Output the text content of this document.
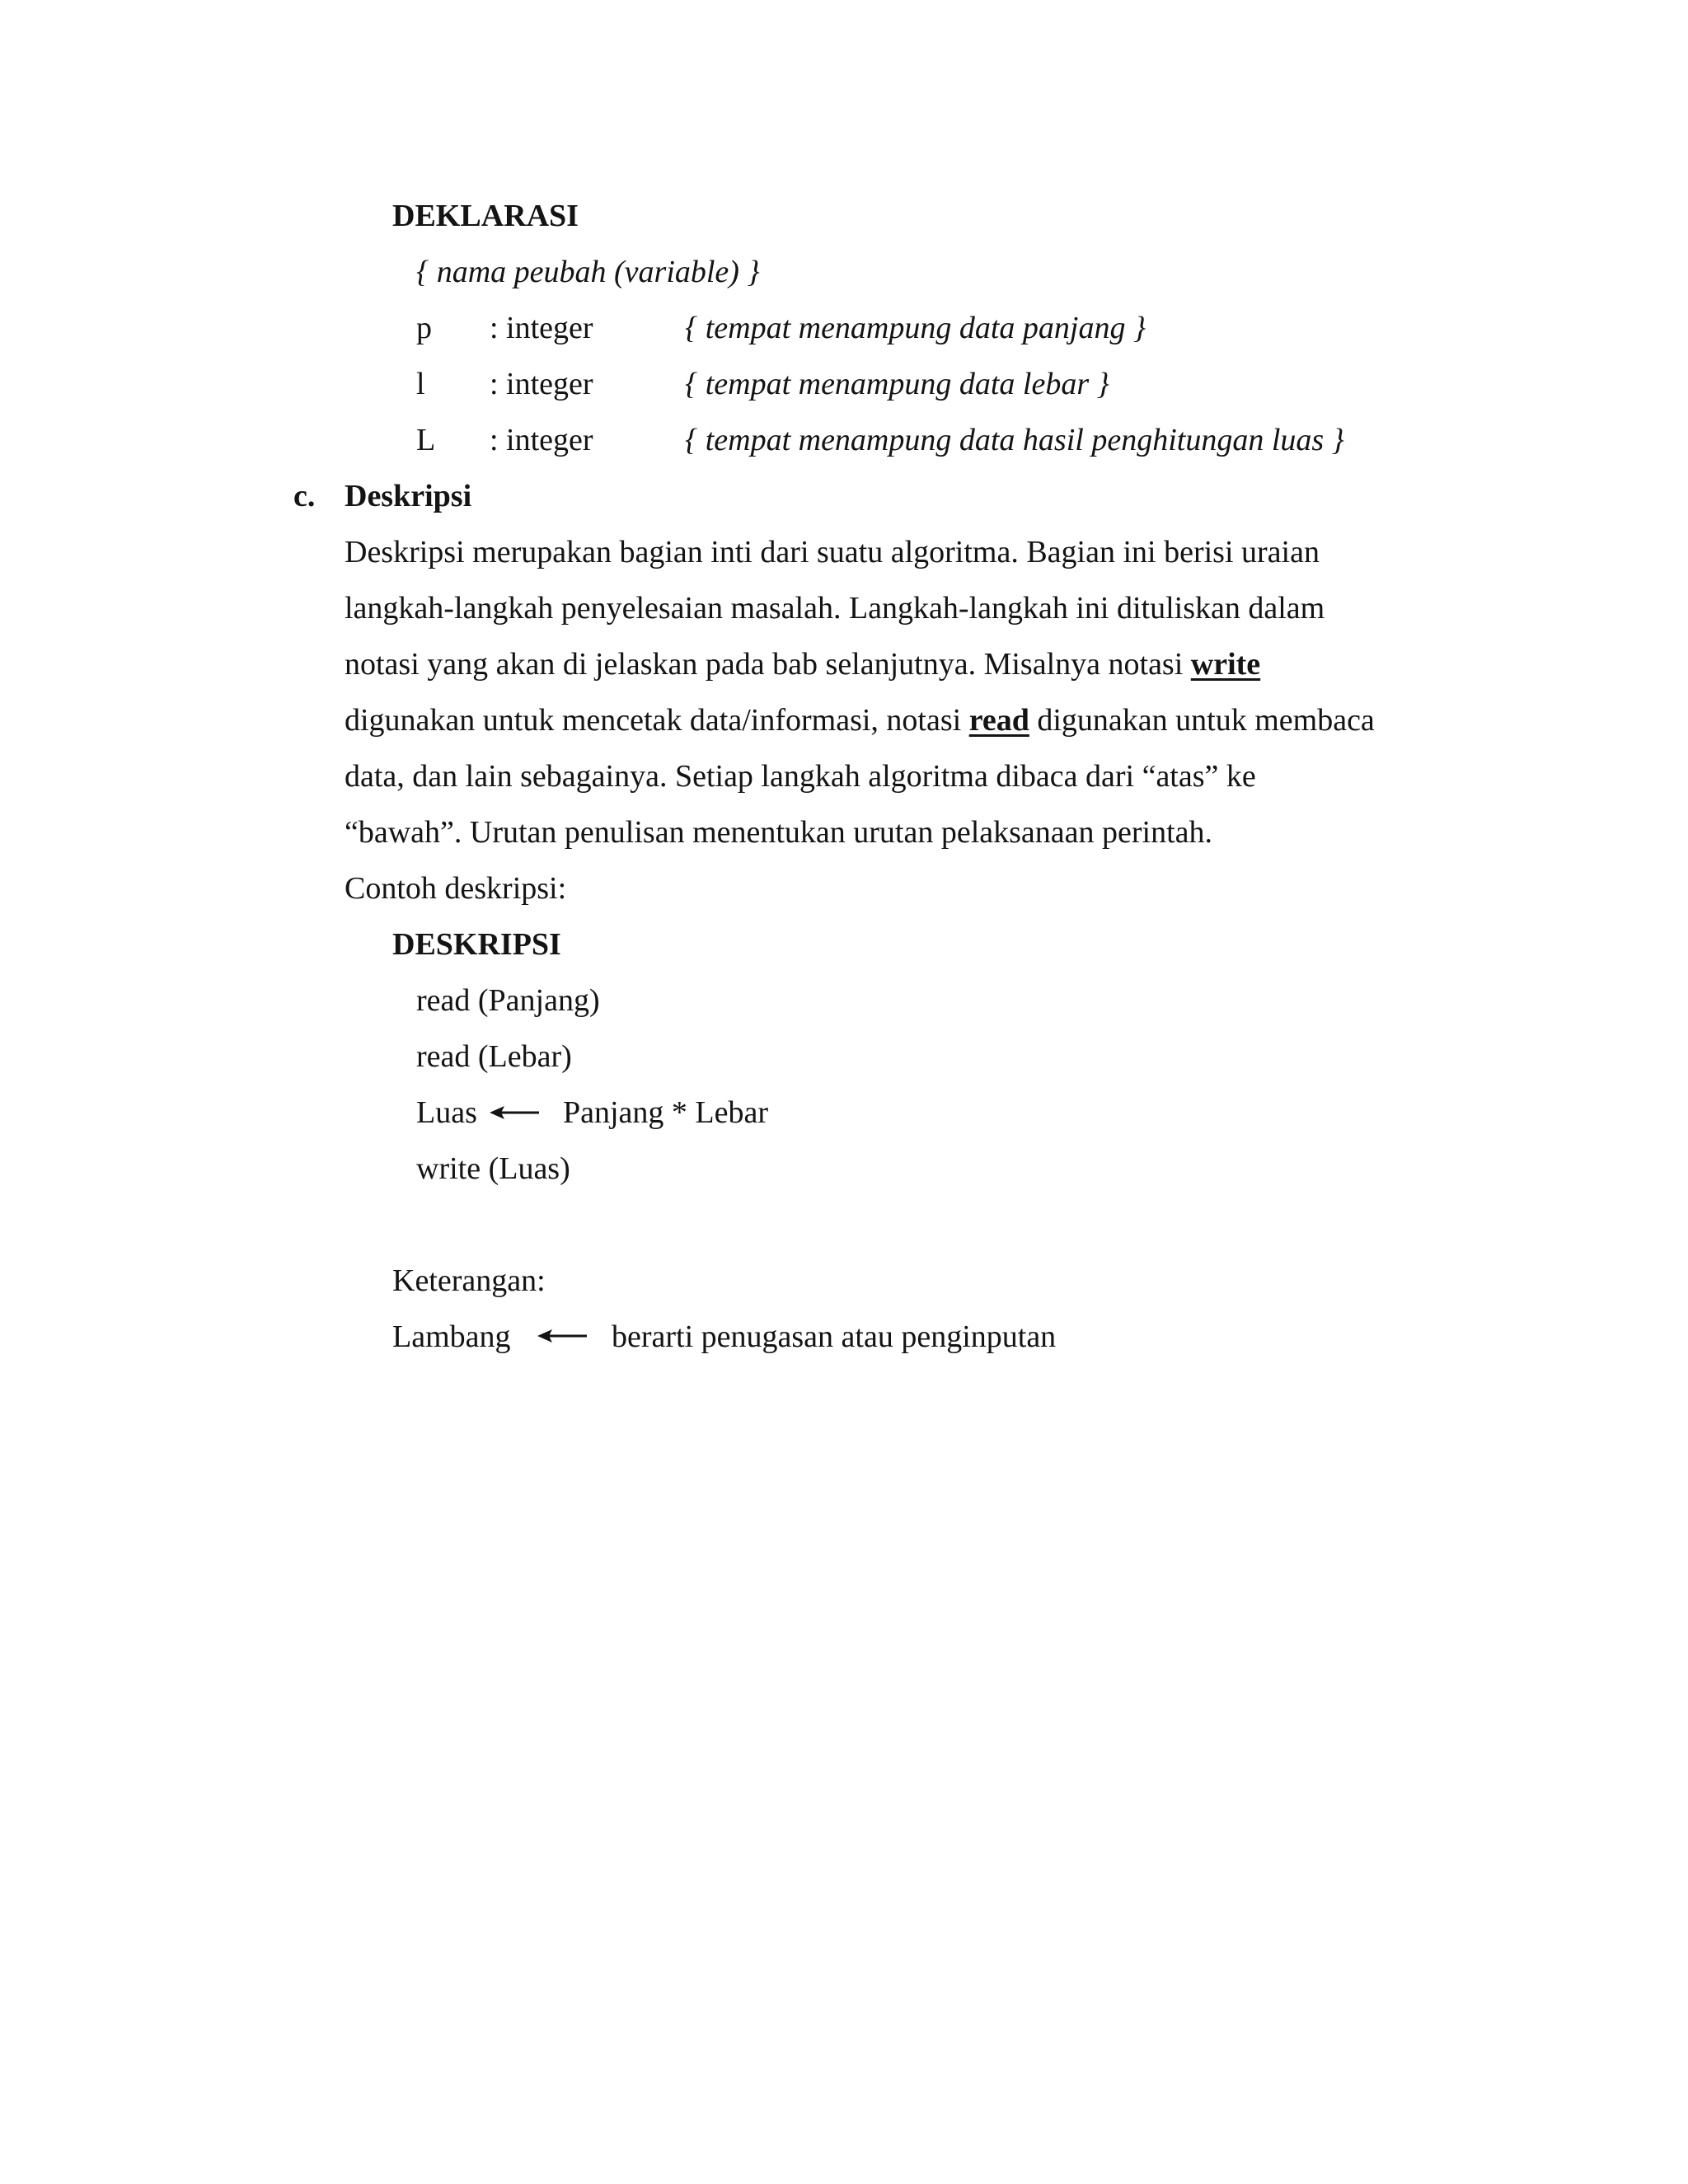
DEKLARASI
{ nama peubah (variable) }
p : integer	{ tempat menampung data panjang }
l : integer	{ tempat menampung data lebar }
L : integer	{ tempat menampung data hasil penghitungan luas }
c. Deskripsi
Deskripsi merupakan bagian inti dari suatu algoritma. Bagian ini berisi uraian
langkah-langkah penyelesaian masalah. Langkah-langkah ini dituliskan dalam
notasi yang akan di jelaskan pada bab selanjutnya. Misalnya notasi write
digunakan untuk mencetak data/informasi, notasi read digunakan untuk membaca
data, dan lain sebagainya. Setiap langkah algoritma dibaca dari “atas” ke
“bawah”. Urutan penulisan menentukan urutan pelaksanaan perintah.
Contoh deskripsi:
DESKRIPSI
read (Panjang)
read (Lebar)
Luas	Panjang * Lebar
write (Luas)
Keterangan:
Lambang	berarti penugasan atau penginputan
